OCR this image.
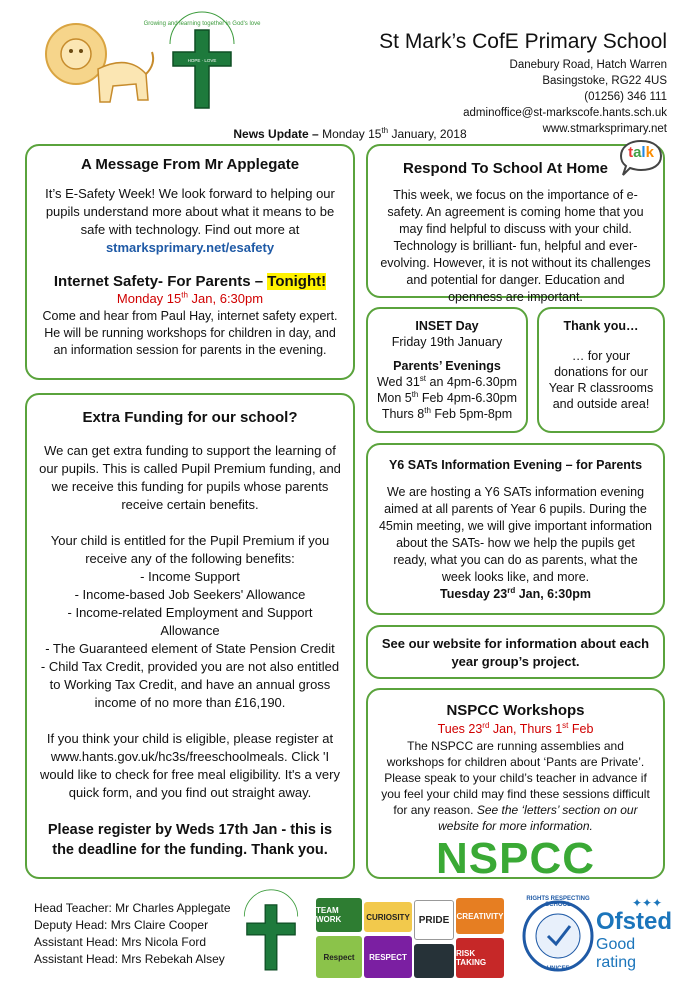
Growing and learning together in God's love
HOPE · LOVE
St Mark’s CofE Primary School
Danebury Road, Hatch Warren
Basingstoke, RG22 4US
(01256) 346 111
adminoffice@st-markscofe.hants.sch.uk
www.stmarksprimary.net
News Update – Monday 15th January, 2018
A Message From Mr Applegate

It’s E-Safety Week! We look forward to helping our pupils understand more about what it means to be safe with technology. Find out more at

stmarksprimary.net/esafety

Internet Safety- For Parents – Tonight!

Monday 15th Jan, 6:30pm

Come and hear from Paul Hay, internet safety expert. He will be running workshops for children in day, and an information session for parents in the evening.

Respond To School At Home

This week, we focus on the importance of e-safety. An agreement is coming home that you may find helpful to discuss with your child. Technology is brilliant- fun, helpful and ever-evolving. However, it is not without its challenges and potential for danger. Education and openness are important.

talk
INSET Day
Friday 19th January
Parents’ Evenings
Wed 31st an 4pm-6.30pm
Mon 5th Feb 4pm-6.30pm
Thurs 8th Feb 5pm-8pm
Thank you…

… for your donations for our Year R classrooms and outside area!

Extra Funding for our school?

We can get extra funding to support the learning of our pupils. This is called Pupil Premium funding, and we receive this funding for pupils whose parents receive certain benefits.

Your child is entitled for the Pupil Premium if you receive any of the following benefits:

- Income Support

- Income-based Job Seekers' Allowance

- Income-related Employment and Support Allowance

- The Guaranteed element of State Pension Credit

- Child Tax Credit, provided you are not also entitled to Working Tax Credit, and have an annual gross income of no more than £16,190.

If you think your child is eligible, please register at www.hants.gov.uk/hc3s/freeschoolmeals. Click 'I would like to check for free meal eligibility. It's a very quick form, and you find out straight away.

Please register by Weds 17th Jan - this is the deadline for the funding. Thank you.

Y6 SATs Information Evening – for Parents

We are hosting a Y6 SATs information evening aimed at all parents of Year 6 pupils. During the 45min meeting, we will give important information about the SATs- how we help the pupils get ready, what you can do as parents, what the week looks like, and more.

Tuesday 23rd Jan, 6:30pm

See our website for information about each year group’s project.

NSPCC Workshops

Tues 23rd Jan, Thurs 1st Feb

The NSPCC are running assemblies and workshops for children about ‘Pants are Private’. Please speak to your child’s teacher in advance if you feel your child may find these sessions difficult for any reason. See the ‘letters’ section on our website for more information.

NSPCC
Head Teacher: Mr Charles Applegate
Deputy Head: Mrs Claire Cooper
Assistant Head: Mrs Nicola Ford
Assistant Head: Mrs Rebekah Alsey
TEAM WORK	CURIOSITY PRIDE CREATIVITY
Respect	RESPECT	RISK TAKING
RIGHTS RESPECTING SCHOOL
UNICEF
✦✦✦
Ofsted
Good rating
